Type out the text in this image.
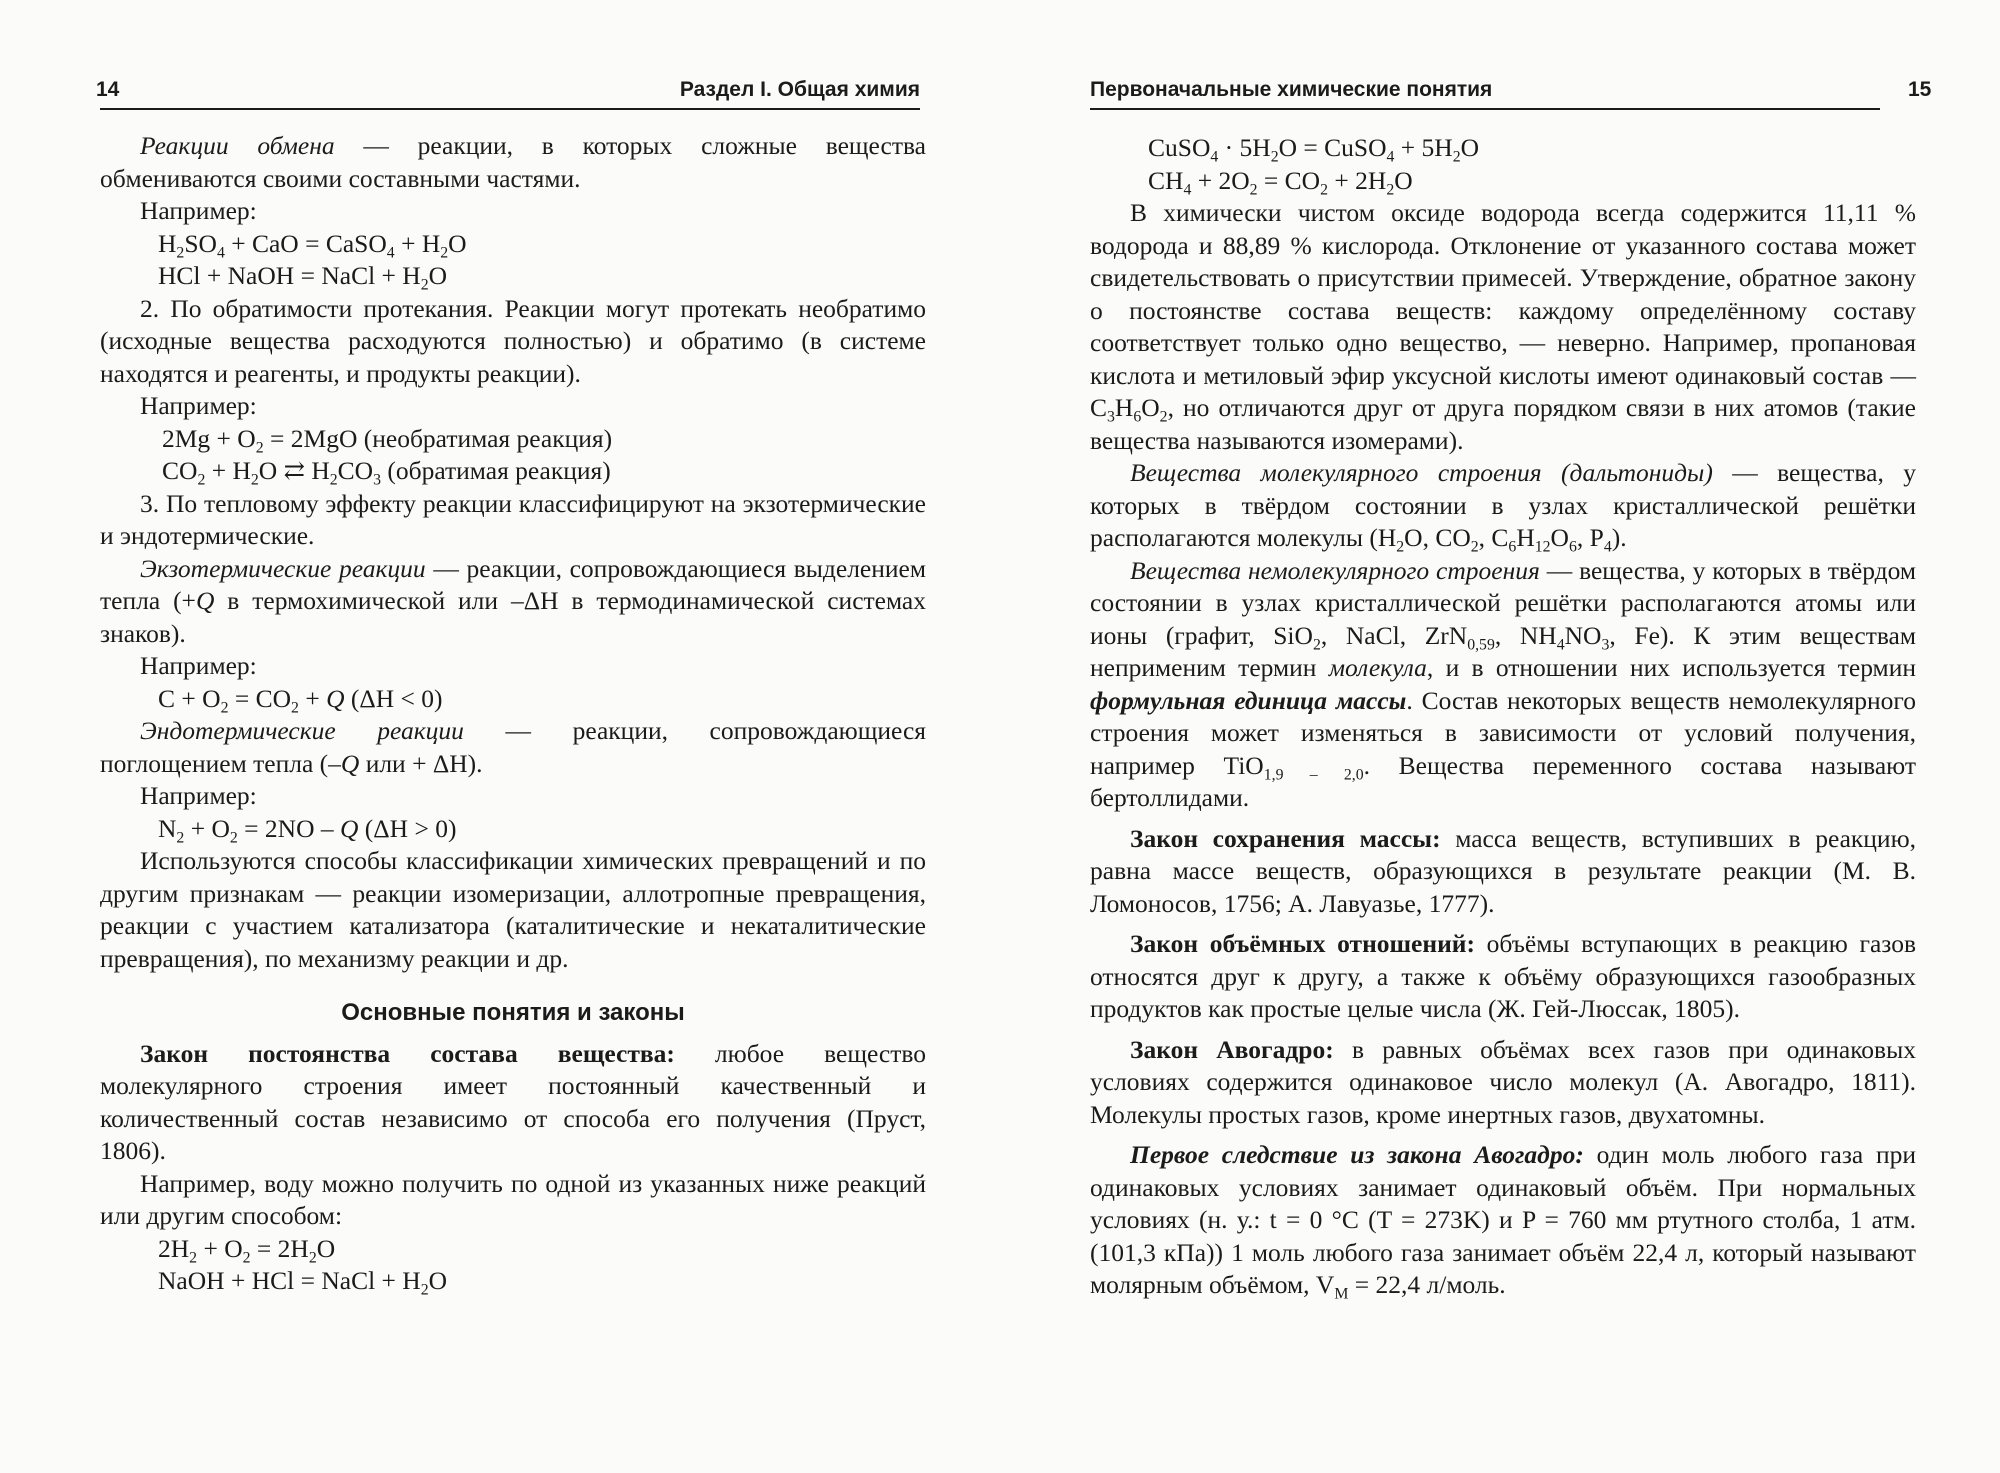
14	Раздел I. Общая химия

Реакции обмена — реакции, в которых сложные вещества обмениваются своими составными частями.

Например:

$H_2SO_4$ + CaO = CaSO$_4$ + $H_2O$

HCl + NaOH = NaCl + $H_2O$

2. По обратимости протекания. Реакции могут протекать необратимо (исходные вещества расходуются полностью) и обратимо (в системе находятся и реагенты, и продукты реакции).

Например:

$2Mg + O_2 = 2MgO$ (необратимая реакция)

$CO_2 + H_2O$ ⇄ $H_2CO_3$ (обратимая реакция)

3. По тепловому эффекту реакции классифицируют на экзотермические и эндотермические.

Экзотермические реакции — реакции, сопровождающиеся выделением тепла (+Q в термохимической или –ΔH в термодинамической системах знаков).

Например:

$C + O_2 = CO_2 + Q$ (ΔH < 0)

Эндотермические реакции — реакции, сопровождающиеся поглощением тепла (–Q или + ΔH).

Например:

$N_2 + O_2 = 2NO - Q$ (ΔH > 0)

Используются способы классификации химических превращений и по другим признакам — реакции изомеризации, аллотропные превращения, реакции с участием катализатора (каталитические и некаталитические превращения), по механизму реакции и др.

Основные понятия и законы

Закон постоянства состава вещества: любое вещество молекулярного строения имеет постоянный качественный и количественный состав независимо от способа его получения (Пруст, 1806).

Например, воду можно получить по одной из указанных ниже реакций или другим способом:

$2H_2 + O_2 = 2H_2O$

NaOH + HCl = NaCl + $H_2O$

Первоначальные химические понятия	15

CuSO$_4$ · $5H_2O$ = CuSO$_4$ + $5H_2O$

$CH_4 + 2O_2 = CO_2 + 2H_2O$

В химически чистом оксиде водорода всегда содержится 11,11 % водорода и 88,89 % кислорода. Отклонение от указанного состава может свидетельствовать о присутствии примесей. Утверждение, обратное закону о постоянстве состава веществ: каждому определённому составу соответствует только одно вещество, — неверно. Например, пропановая кислота и метиловый эфир уксусной кислоты имеют одинаковый состав — $C_3H_6O_2$, но отличаются друг от друга порядком связи в них атомов (такие вещества называются изомерами).

Вещества молекулярного строения (дальтониды) — вещества, у которых в твёрдом состоянии в узлах кристаллической решётки располагаются молекулы ($H_2O$, $CO_2$, $C_6H_{12}O_6$, $P_4$).

Вещества немолекулярного строения — вещества, у которых в твёрдом состоянии в узлах кристаллической решётки располагаются атомы или ионы (графит, SiO$_2$, NaCl, ZrN$_{0,59}$, $NH_4NO_3$, Fe). К этим веществам неприменим термин молекула, и в отношении них используется термин формульная единица массы. Состав некоторых веществ немолекулярного строения может изменяться в зависимости от условий получения, например TiO$_{1,9 - 2,0}$. Вещества переменного состава называют бертоллидами.

Закон сохранения массы: масса веществ, вступивших в реакцию, равна массе веществ, образующихся в результате реакции (М. В. Ломоносов, 1756; А. Лавуазье, 1777).

Закон объёмных отношений: объёмы вступающих в реакцию газов относятся друг к другу, а также к объёму образующихся газообразных продуктов как простые целые числа (Ж. Гей-Люссак, 1805).

Закон Авогадро: в равных объёмах всех газов при одинаковых условиях содержится одинаковое число молекул (А. Авогадро, 1811). Молекулы простых газов, кроме инертных газов, двухатомны.

Первое следствие из закона Авогадро: один моль любого газа при одинаковых условиях занимает одинаковый объём. При нормальных условиях (н. у.: t = 0 °C (T = 273K) и P = 760 мм ртутного столба, 1 атм. (101,3 кПа)) 1 моль любого газа занимает объём 22,4 л, который называют молярным объёмом, $V_M = 22,4$ л/моль.
